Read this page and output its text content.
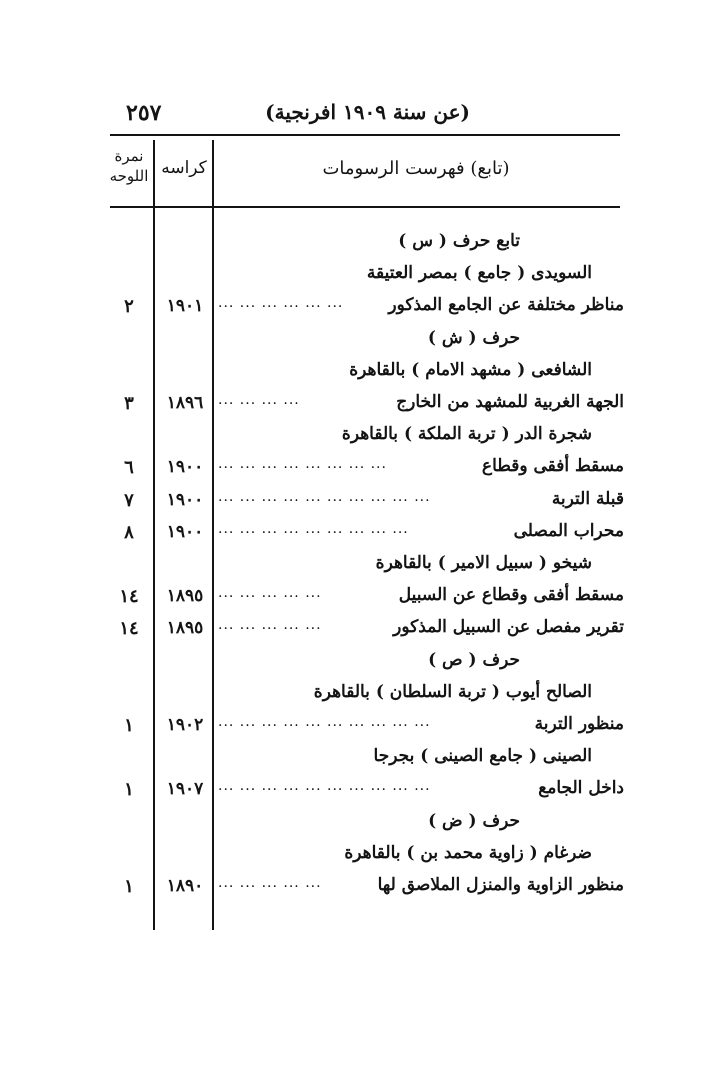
٢٥٧	(عن سنة ١٩٠٩ افرنجية)
نمرة اللوحه كراسه	(تابع) فهرست الرسومات
تابع حرف ( س )
السويدى ( جامع ) بمصر العتيقة
مناظر مختلفة عن الجامع المذكور
... ... ... ... ... ...
١٩٠١
٢
حرف ( ش )
الشافعى ( مشهد الامام ) بالقاهرة
الجهة الغربية للمشهد من الخارج
... ... ... ...
١٨٩٦
٣
شجرة الدر ( تربة الملكة ) بالقاهرة
مسقط أفقى وقطاع
... ... ... ... ... ... ... ...
١٩٠٠
٦
قبلة التربة
... ... ... ... ... ... ... ... ... ...
١٩٠٠
٧
محراب المصلى
... ... ... ... ... ... ... ... ...
١٩٠٠
٨
شيخو ( سبيل الامير ) بالقاهرة
مسقط أفقى وقطاع عن السبيل
... ... ... ... ...
١٨٩٥
١٤
تقرير مفصل عن السبيل المذكور
... ... ... ... ...
١٨٩٥
١٤
حرف ( ص )
الصالح أيوب ( تربة السلطان ) بالقاهرة
منظور التربة
... ... ... ... ... ... ... ... ... ...
١٩٠٢
١
الصينى ( جامع الصينى ) بجرجا
داخل الجامع
... ... ... ... ... ... ... ... ... ...
١٩٠٧
١
حرف ( ض )
ضرغام ( زاوية محمد بن ) بالقاهرة
منظور الزاوية والمنزل الملاصق لها
... ... ... ... ...
١٨٩٠
١
